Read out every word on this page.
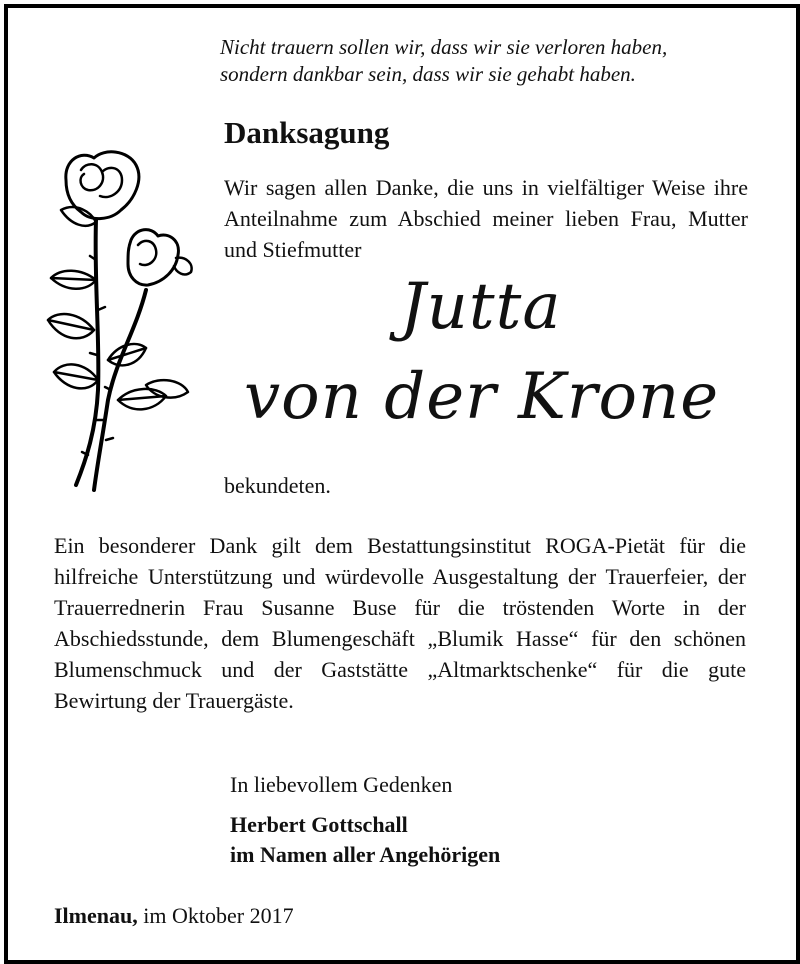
Nicht trauern sollen wir, dass wir sie verloren haben,
sondern dankbar sein, dass wir sie gehabt haben.
Danksagung
Wir sagen allen Danke, die uns in vielfältiger Weise ihre Anteilnahme zum Abschied meiner lieben Frau, Mutter und Stiefmutter
Jutta
von der Krone
bekundeten.
Ein besonderer Dank gilt dem Bestattungsinstitut ROGA-Pietät für die hilfreiche Unterstützung und würdevolle Ausgestaltung der Trauerfeier, der Trauerrednerin Frau Susanne Buse für die tröstenden Worte in der Abschiedsstunde, dem Blumengeschäft „Blumik Hasse“ für den schönen Blumenschmuck und der Gaststätte „Altmarktschenke“ für die gute Bewirtung der Trauergäste.
In liebevollem Gedenken
Herbert Gottschall
im Namen aller Angehörigen
Ilmenau, im Oktober 2017
